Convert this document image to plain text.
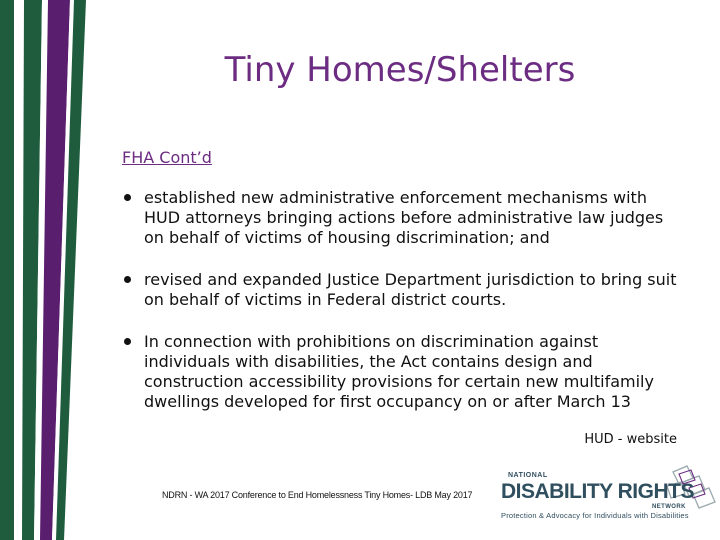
Tiny Homes/Shelters
FHA Cont’d
established new administrative enforcement mechanisms with HUD attorneys bringing actions before administrative law judges on behalf of victims of housing discrimination; and
revised and expanded Justice Department jurisdiction to bring suit on behalf of victims in Federal district courts.
In connection with prohibitions on discrimination against individuals with disabilities, the Act contains design and construction accessibility provisions for certain new multifamily dwellings developed for first occupancy on or after March 13
HUD - website
NDRN - WA 2017 Conference to End Homelessness Tiny Homes- LDB May 2017
NATIONAL
DISABILITY RIGHTS
NETWORK
Protection & Advocacy for Individuals with Disabilities
